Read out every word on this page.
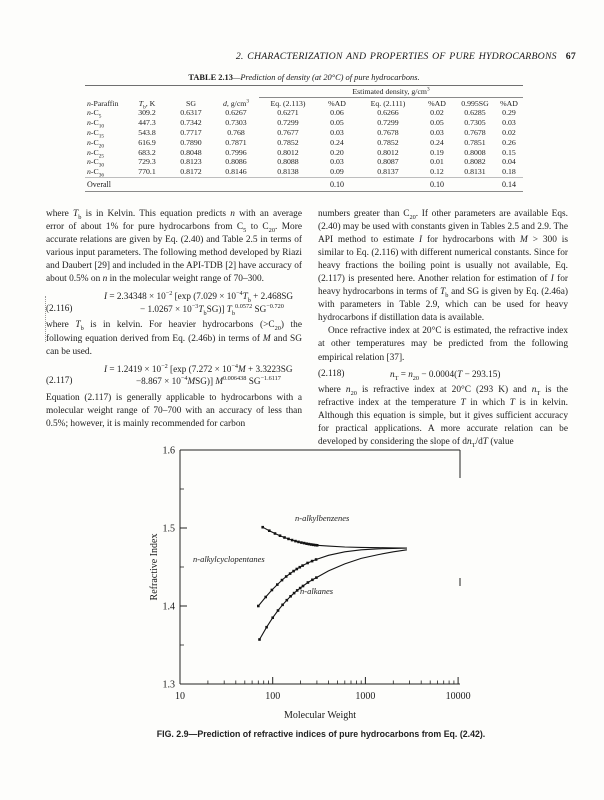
2. CHARACTERIZATION AND PROPERTIES OF PURE HYDROCARBONS 67
TABLE 2.13—Prediction of density (at 20°C) of pure hydrocarbons.
Estimated density, $g/cm^3$
n-Paraffin	$T_b$, K	SG	d, $g/cm^3$	Eq. (2.113)	%AD	Eq. (2.111)	%AD	0.995SG	%AD
$n-C_5$	309.2	0.6317	0.6267	0.6271	0.06	0.6266	0.02	0.6285	0.29
$n-C_{10}$	447.3	0.7342	0.7303	0.7299	0.05	0.7299	0.05	0.7305	0.03
$n-C_{15}$	543.8	0.7717	0.768	0.7677	0.03	0.7678	0.03	0.7678	0.02
$n-C_{20}$	616.9	0.7890	0.7871	0.7852	0.24	0.7852	0.24	0.7851	0.26
$n-C_{25}$	683.2	0.8048	0.7996	0.8012	0.20	0.8012	0.19	0.8008	0.15
$n-C_{30}$	729.3	0.8123	0.8086	0.8088	0.03	0.8087	0.01	0.8082	0.04
$n-C_{36}$	770.1	0.8172	0.8146	0.8138	0.09	0.8137	0.12	0.8131	0.18
Overall					0.10		0.10		0.14

where $T_b$ is in Kelvin. This equation predicts n with an average error of about 1% for pure hydrocarbons from $C_5$ to $C_{20}$. More accurate relations are given by Eq. (2.40) and Table 2.5 in terms of various input parameters. The following method developed by Riazi and Daubert [29] and included in the API-TDB [2] have accuracy of about 0.5% on n in the molecular weight range of 70–300.

(2.116)
$I = 2.34348 \times 10^{-2}$ [exp ($7.029 \times 10^{-4}T_b + 2.468SG$
− $1.0267 \times 10^{-3}T_bSG$)] $T_b^{0.0572}$ $SG^{-0.720}$

where $T_b$ is in kelvin. For heavier hydrocarbons $(>C_{20})$ the following equation derived from Eq. (2.46b) in terms of M and SG can be used.

(2.117)
$I = 1.2419 \times 10^{-2}$ [exp ($7.272 \times 10^{-4}M + 3.3223SG$
$-8.867 \times 10^{-4}MSG$)] $M^{0.006438}$ $SG^{-1.6117}$

Equation (2.117) is generally applicable to hydrocarbons with a molecular weight range of 70–700 with an accuracy of less than 0.5%; however, it is mainly recommended for carbon

numbers greater than $C_{20}$. If other parameters are available Eqs. (2.40) may be used with constants given in Tables 2.5 and 2.9. The API method to estimate I for hydrocarbons with M > 300 is similar to Eq. (2.116) with different numerical constants. Since for heavy fractions the boiling point is usually not available, Eq. (2.117) is presented here. Another relation for estimation of I for heavy hydrocarbons in terms of $T_b$ and SG is given by Eq. (2.46a) with parameters in Table 2.9, which can be used for heavy hydrocarbons if distillation data is available.

Once refractive index at 20°C is estimated, the refractive index at other temperatures may be predicted from the following empirical relation [37].

(2.118)	$n_T = n_{20} - 0.0004(T - 293.15)$

where $n_{20}$ is refractive index at 20°C (293 K) and $n_T$ is the refractive index at the temperature T in which T is in kelvin. Although this equation is simple, but it gives sufficient accuracy for practical applications. A more accurate relation can be developed by considering the slope of $dn_T/dT$ (value

10	100	1000	10000
1.3
1.4
1.5
1.6
Refractive Index
Molecular Weight
n-alkylbenzenes
n-alkylcyclopentanes
n-alkanes
FIG. 2.9—Prediction of refractive indices of pure hydrocarbons from Eq. (2.42).
